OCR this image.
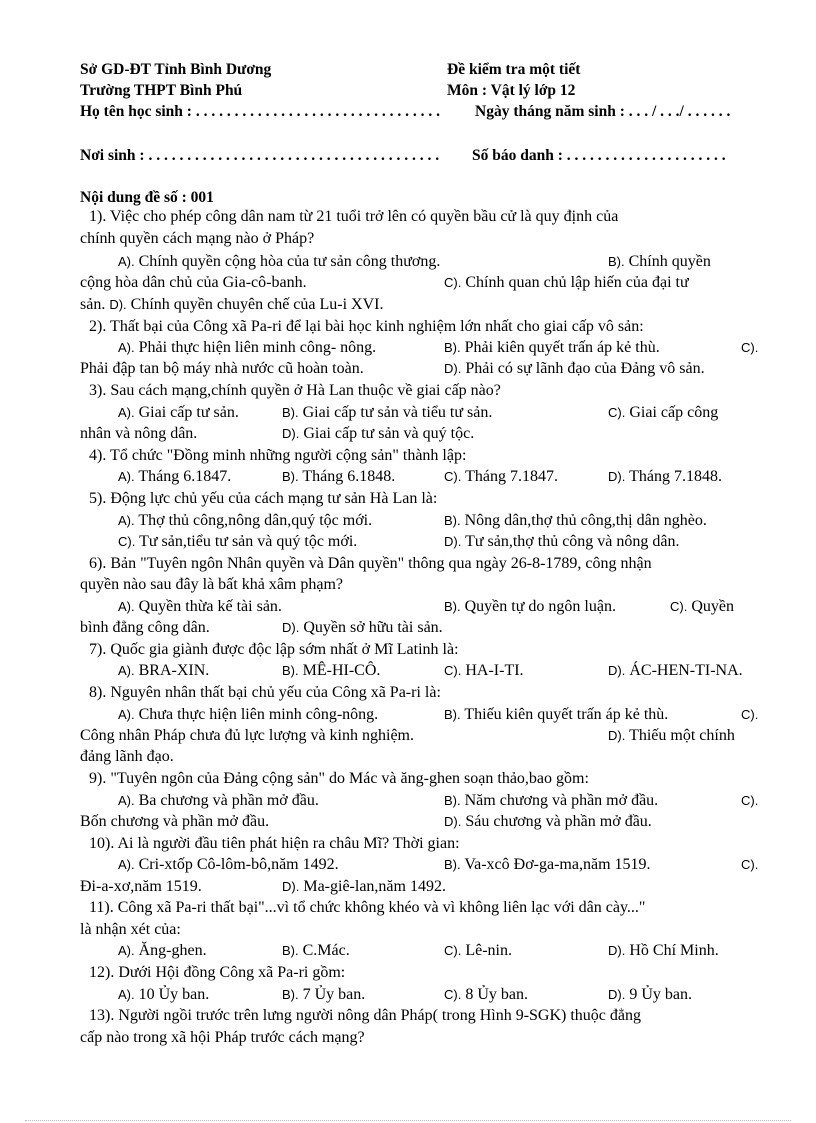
Sở GD-ĐT Tỉnh Bình Dương
Trường THPT Bình Phú
Đề kiểm tra một tiết
Môn : Vật lý lớp 12
Họ tên học sinh : . . . . . . . . . . . . . . . . . . . . . . . . . . . . . . . . Ngày tháng năm sinh : . . . / . . ./ . . . . . .
Nơi sinh : . . . . . . . . . . . . . . . . . . . . . . . . . . . . . . . . . . . . . . Số báo danh : . . . . . . . . . . . . . . . . . . . . .
Nội dung đề số : 001
1). Việc cho phép công dân nam từ 21 tuổi trở lên có quyền bầu cử là quy định của
chính quyền cách mạng nào ở Pháp?
A). Chính quyền cộng hòa của tư sản công thương.	B). Chính quyền
cộng hòa dân chủ của Gia-cô-banh.	C). Chính quan chủ lập hiến của đại tư
sản. D). Chính quyền chuyên chế của Lu-i XVI.
2). Thất bại của Công xã Pa-ri để lại bài học kinh nghiệm lớn nhất cho giai cấp vô sản:
A). Phải thực hiện liên minh công- nông.	B). Phải kiên quyết trấn áp kẻ thù.	C).
Phải đập tan bộ máy nhà nước cũ hoàn toàn.	D). Phải có sự lãnh đạo của Đảng vô sản.
3). Sau cách mạng,chính quyền ở Hà Lan thuộc về giai cấp nào?
A). Giai cấp tư sản.	B). Giai cấp tư sản và tiểu tư sản.	C). Giai cấp công
nhân và nông dân.	D). Giai cấp tư sản và quý tộc.
4). Tổ chức "Đồng minh những người cộng sản" thành lập:
A). Tháng 6.1847.	B). Tháng 6.1848.	C). Tháng 7.1847.	D). Tháng 7.1848.
5). Động lực chủ yếu của cách mạng tư sản Hà Lan là:
A). Thợ thủ công,nông dân,quý tộc mới.	B). Nông dân,thợ thủ công,thị dân nghèo.
C). Tư sản,tiểu tư sản và quý tộc mới.	D). Tư sản,thợ thủ công và nông dân.
6). Bản "Tuyên ngôn Nhân quyền và Dân quyền" thông qua ngày 26-8-1789, công nhận
quyền nào sau đây là bất khả xâm phạm?
A). Quyền thừa kế tài sản.	B). Quyền tự do ngôn luận.	C). Quyền
bình đẳng công dân.	D). Quyền sở hữu tài sản.
7). Quốc gia giành được độc lập sớm nhất ở Mĩ Latinh là:
A). BRA-XIN.	B). MÊ-HI-CÔ.	C). HA-I-TI.	D). ÁC-HEN-TI-NA.
8). Nguyên nhân thất bại chủ yếu của Công xã Pa-ri là:
A). Chưa thực hiện liên minh công-nông.	B). Thiếu kiên quyết trấn áp kẻ thù.	C).
Công nhân Pháp chưa đủ lực lượng và kinh nghiệm.	D). Thiếu một chính
đảng lãnh đạo.
9). "Tuyên ngôn của Đảng cộng sản" do Mác và ăng-ghen soạn thảo,bao gồm:
A). Ba chương và phần mở đầu.	B). Năm chương và phần mở đầu.	C).
Bốn chương và phần mở đầu.	D). Sáu chương và phần mở đầu.
10). Ai là người đầu tiên phát hiện ra châu Mĩ? Thời gian:
A). Cri-xtốp Cô-lôm-bô,năm 1492.	B). Va-xcô Đơ-ga-ma,năm 1519.	C).
Đi-a-xơ,năm 1519.	D). Ma-giê-lan,năm 1492.
11). Công xã Pa-ri thất bại"...vì tổ chức không khéo và vì không liên lạc với dân cày..."
là nhận xét của:
A). Ăng-ghen.	B). C.Mác.	C). Lê-nin.	D). Hồ Chí Minh.
12). Dưới Hội đồng Công xã Pa-ri gồm:
A). 10 Ủy ban.	B). 7 Ủy ban.	C). 8 Ủy ban.	D). 9 Ủy ban.
13). Người ngồi trước trên lưng người nông dân Pháp( trong Hình 9-SGK) thuộc đẳng
cấp nào trong xã hội Pháp trước cách mạng?
